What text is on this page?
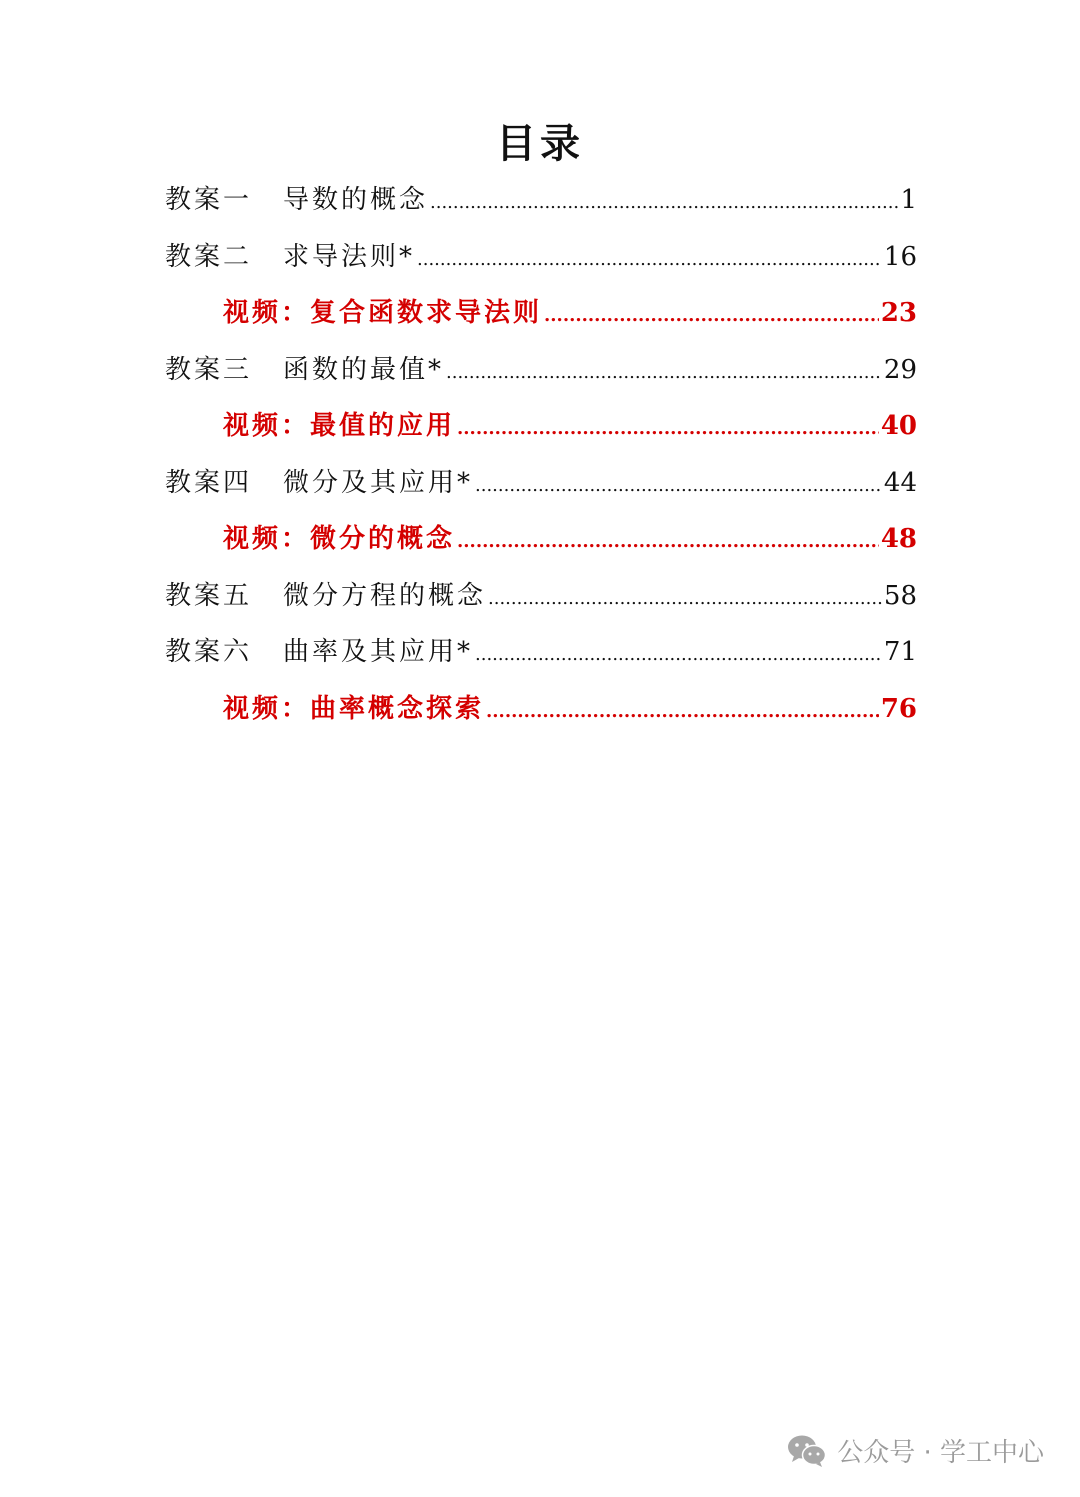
目录
教案一	导数的概念 .....	1
教案二	求导法则* .....	16
视频：复合函数求导法则 .....	23
教案三	函数的最值* .....	29
视频：最值的应用 .....	40
教案四	微分及其应用* .....	44
视频：微分的概念 .....	48
教案五	微分方程的概念 .....	58
教案六	曲率及其应用* .....	71
视频：曲率概念探索 .....	76
公众号 · 学工中心
